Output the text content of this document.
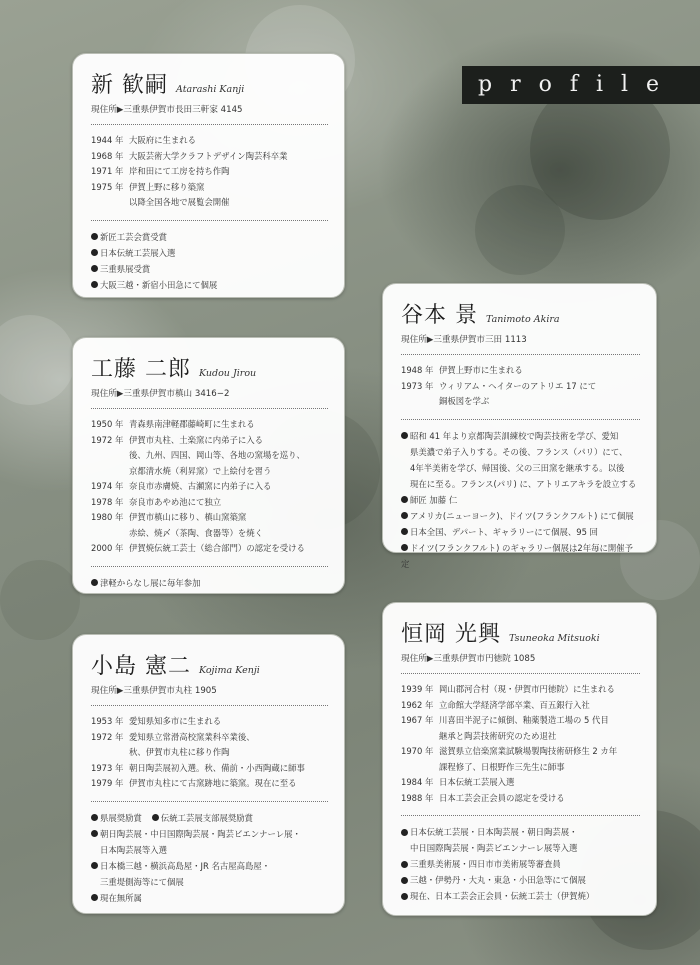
profile
新 歓嗣 Atarashi Kanji
現住所▶三重県伊賀市長田三軒家 4145
1944 年 大阪府に生まれる
1968 年 大阪芸術大学クラフトデザイン陶芸科卒業
1971 年 岸和田にて工房を持ち作陶
1975 年 伊賀上野に移り築窯
以降全国各地で展覧会開催
新匠工芸会賞受賞
日本伝統工芸展入選
三重県展受賞
大阪三越・新宿小田急にて個展
谷本 景 Tanimoto Akira
現住所▶三重県伊賀市三田 1113
1948 年 伊賀上野市に生まれる
1973 年 ウィリアム・ヘイターのアトリエ 17 にて
銅板図を学ぶ
昭和 41 年より京都陶芸訓練校で陶芸技術を学び、愛知
県美濃で弟子入りする。その後、フランス（パリ）にて、
4年半美術を学び、帰国後、父の三田窯を継承する。以後
現在に至る。フランス(パリ) に、アトリエアキラを設立する
師匠 加藤 仁
アメリカ(ニューヨーク)、ドイツ(フランクフルト) にて個展
日本全国、デパート、ギャラリーにて個展、95 回
ドイツ(フランクフルト) のギャラリー個展は2年毎に開催予定
工藤 二郎 Kudou Jirou
現住所▶三重県伊賀市槙山 3416−2
1950 年 青森県南津軽郡藤崎町に生まれる
1972 年 伊賀市丸柱、土楽窯に内弟子に入る
後、九州、四国、岡山等、各地の窯場を巡り、
京都清水焼（利昇窯）で上絵付を習う
1974 年 奈良市赤膚焼、古瀬窯に内弟子に入る
1978 年 奈良市あやめ池にて独立
1980 年 伊賀市槙山に移り、槙山窯築窯
赤絵、焼〆（茶陶、食器等）を焼く
2000 年 伊賀焼伝統工芸士（総合部門）の認定を受ける
津軽からなし展に毎年参加
恒岡 光興 Tsuneoka Mitsuoki
現住所▶三重県伊賀市円徳院 1085
1939 年 岡山郡河合村（現・伊賀市円徳院）に生まれる
1962 年 立命館大学経済学部卒業、百五銀行入社
1967 年 川喜田半泥子に傾倒、釉薬製造工場の 5 代目
継承と陶芸技術研究のため退社
1970 年 滋賀県立信楽窯業試験場製陶技術研修生 2 カ年
課程修了、日根野作三先生に師事
1984 年 日本伝統工芸展入選
1988 年 日本工芸会正会員の認定を受ける
日本伝統工芸展・日本陶芸展・朝日陶芸展・
中日国際陶芸展・陶芸ビエンナーレ展等入選
三重県美術展・四日市市美術展等審査員
三越・伊勢丹・大丸・東急・小田急等にて個展
現在、日本工芸会正会員・伝統工芸士（伊賀焼）
小島 憲二 Kojima Kenji
現住所▶三重県伊賀市丸柱 1905
1953 年 愛知県知多市に生まれる
1972 年 愛知県立常滑高校窯業科卒業後、
秋、伊賀市丸柱に移り作陶
1973 年 朝日陶芸展初入選。秋、備前・小西陶蔵に師事
1979 年 伊賀市丸柱にて古窯跡地に築窯。現在に至る
県展奨励賞 伝統工芸展支部展奨励賞
朝日陶芸展・中日国際陶芸展・陶芸ビエンナーレ展・
日本陶芸展等入選
日本橋三越・横浜高島屋・JR 名古屋高島屋・
三重堤側海等にて個展
現在無所属
